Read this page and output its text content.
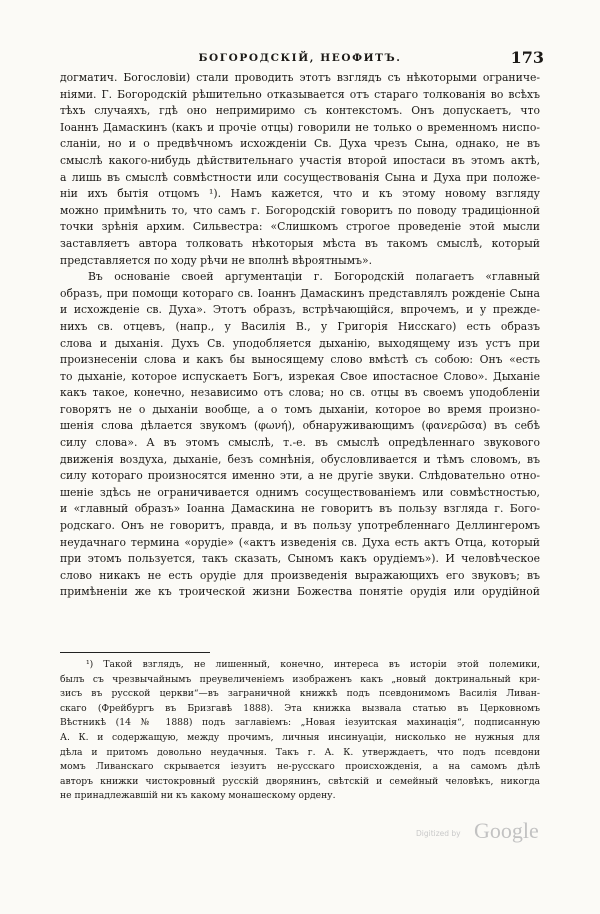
БОГОРОДСКІЙ, НЕОФИТЪ.	173
догматич. Богословіи) стали проводить этотъ взглядъ съ нѣкоторыми ограниче-
ніями. Г. Богородскій рѣшительно отказывается отъ стараго толкованія во всѣхъ
тѣхъ случаяхъ, гдѣ оно непримиримо съ контекстомъ. Онъ допускаетъ, что
Іоаннъ Дамаскинъ (какъ и прочіе отцы) говорили не только о временномъ ниспо-
сланіи, но и о предвѣчномъ исхожденіи Св. Духа чрезъ Сына, однако, не въ
смыслѣ какого-нибудь дѣйствительнаго участія второй ипостаси въ этомъ актѣ,
а лишь въ смыслѣ совмѣстности или сосуществованія Сына и Духа при положе-
ніи ихъ бытія отцомъ ¹). Намъ кажется, что и къ этому новому взгляду
можно примѣнить то, что самъ г. Богородскій говоритъ по поводу традиціонной
точки зрѣнія архим. Сильвестра: «Слишкомъ строгое проведеніе этой мысли
заставляетъ автора толковать нѣкоторыя мѣста въ такомъ смыслѣ, который
представляется по ходу рѣчи не вполнѣ вѣроятнымъ».
Въ основаніе своей аргументаціи г. Богородскій полагаетъ «главный
образъ, при помощи котораго св. Іоаннъ Дамаскинъ представлялъ рожденіе Сына
и исхожденіе св. Духа». Этотъ образъ, встрѣчающійся, впрочемъ, и у прежде-
нихъ св. отцевъ, (напр., у Василія В., у Григорія Нисскаго) есть образъ
слова и дыханія. Духъ Св. уподобляется дыханію, выходящему изъ устъ при
произнесеніи слова и какъ бы выносящему слово вмѣстѣ съ собою: Онъ «есть
то дыханіе, которое испускаетъ Богъ, изрекая Свое ипостасное Слово». Дыханіе
какъ такое, конечно, независимо отъ слова; но св. отцы въ своемъ уподобленіи
говорятъ не о дыханіи вообще, а о томъ дыханіи, которое во время произно-
шенія слова дѣлается звукомъ (φωνή), обнаруживающимъ (φανερῶσα) въ себѣ
силу слова». А въ этомъ смыслѣ, т.-е. въ смыслѣ опредѣленнаго звукового
движенія воздуха, дыханіе, безъ сомнѣнія, обусловливается и тѣмъ словомъ, въ
силу котораго произносятся именно эти, а не другіе звуки. Слѣдовательно отно-
шеніе здѣсь не ограничивается однимъ сосуществованіемъ или совмѣстностью,
и «главный образъ» Іоанна Дамаскина не говоритъ въ пользу взгляда г. Бого-
родскаго. Онъ не говоритъ, правда, и въ пользу употребленнаго Деллингеромъ
неудачнаго термина «орудіе» («актъ изведенія св. Духа есть актъ Отца, который
при этомъ пользуется, такъ сказать, Сыномъ какъ орудіемъ»). И человѣческое
слово никакъ не есть орудіе для произведенія выражающихъ его звуковъ; въ
примѣненіи же къ троической жизни Божества понятіе орудія или орудійной
¹) Такой взглядъ, не лишенный, конечно, интереса въ исторіи этой полемики,
былъ съ чрезвычайнымъ преувеличеніемъ изображенъ какъ „новый доктринальный кри-
зисъ въ русской церкви“—въ заграничной книжкѣ подъ псевдонимомъ Василія Ливан-
скаго (Фрейбургъ въ Бризгавѣ 1888). Эта книжка вызвала статью въ Церковномъ
Вѣстникѣ (14 № 1888) подъ заглавіемъ: „Новая іезуитская махинація“, подписанную
А. К. и содержащую, между прочимъ, личныя инсинуаціи, нисколько не нужныя для
дѣла и притомъ довольно неудачныя. Такъ г. А. К. утверждаетъ, что подъ псевдони
момъ Ливанскаго скрывается іезуитъ не-русскаго происхожденія, а на самомъ дѣлѣ
авторъ книжки чистокровный русскій дворянинъ, свѣтскій и семейный человѣкъ, никогда
не принадлежавшій ни къ какому монашескому ордену.
Digitized by Google
